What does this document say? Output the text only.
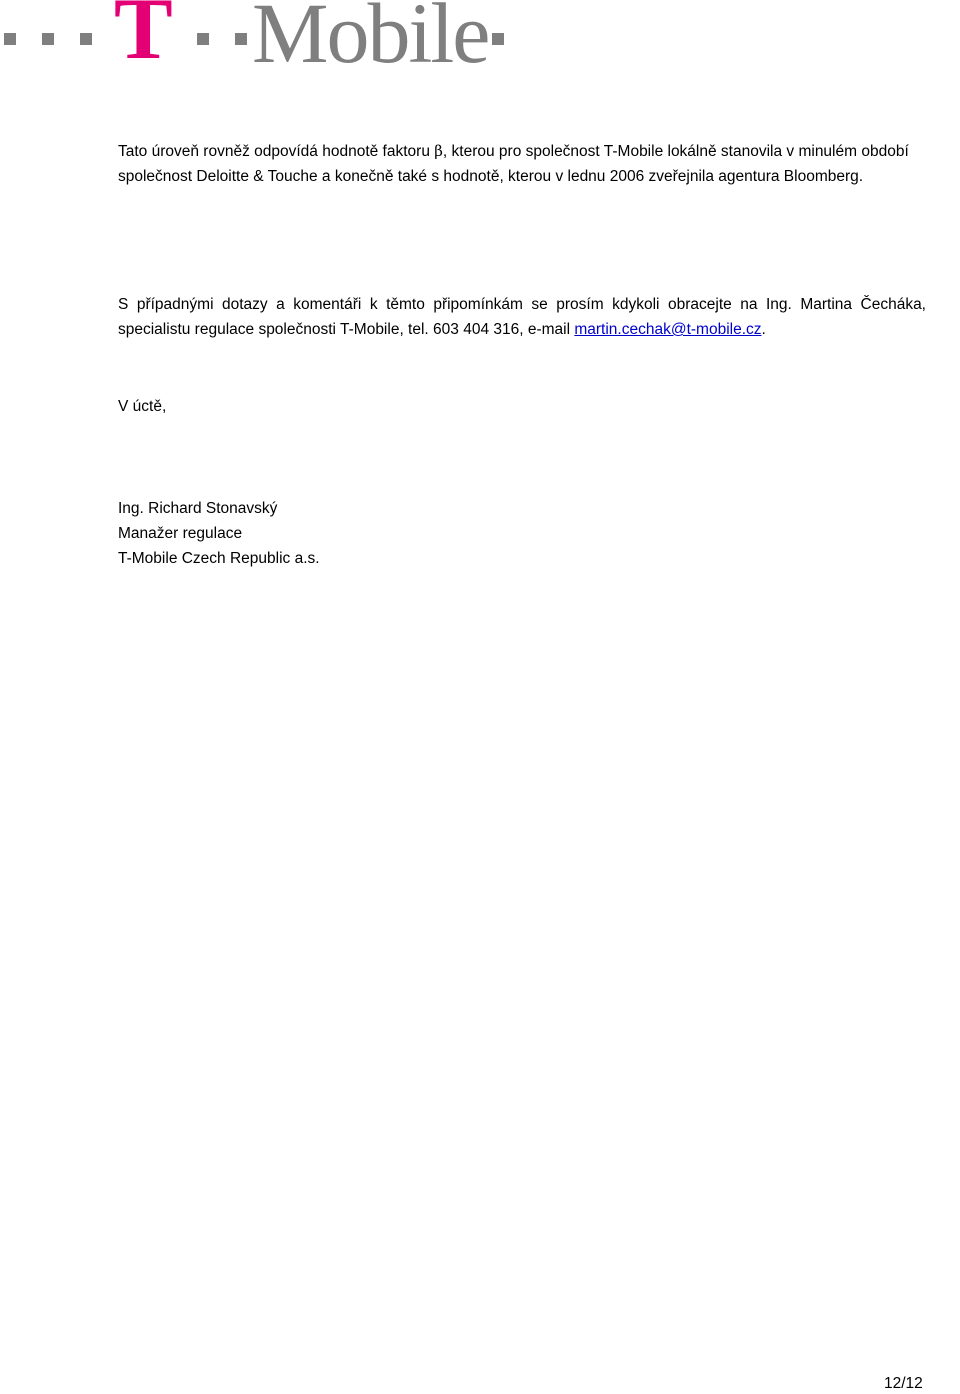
T Mobile

Tato úroveň rovněž odpovídá hodnotě faktoru β, kterou pro společnost T-Mobile lokálně stanovila v minulém období
společnost Deloitte & Touche a konečně také s hodnotě, kterou v lednu 2006 zveřejnila agentura Bloomberg.

S případnými dotazy a komentáři k těmto připomínkám se prosím kdykoli obracejte na Ing. Martina Čecháka,
specialistu regulace společnosti T-Mobile, tel. 603 404 316, e-mail martin.cechak@t-mobile.cz.

V úctě,

Ing. Richard Stonavský
Manažer regulace
T-Mobile Czech Republic a.s.

12/12
